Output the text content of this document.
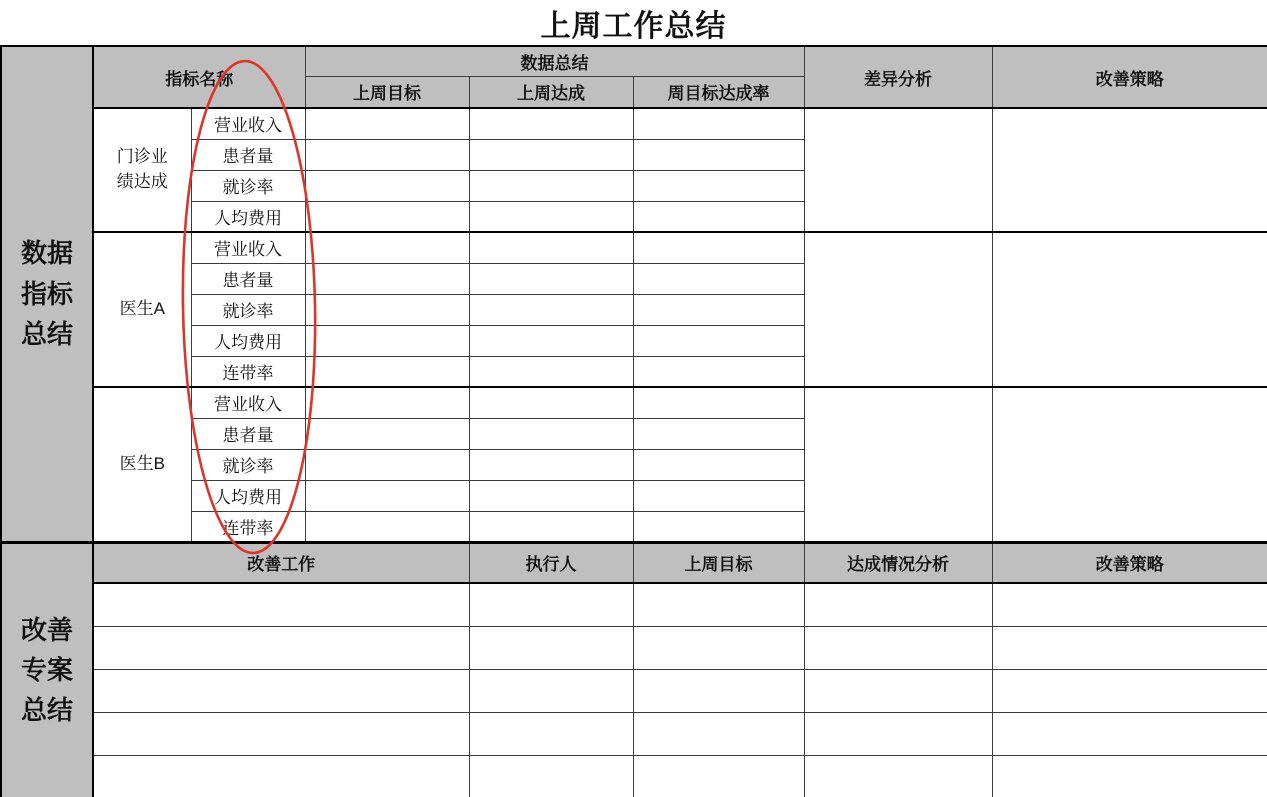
上周工作总结
数据指标总结	指标名称		数据总结			差异分析	改善策略
			上周目标	上周达成	周目标达成率		
	门诊业绩达成	营业收入					
		患者量					
		就诊率					
		人均费用					
	医生A	营业收入					
		患者量					
		就诊率					
		人均费用					
		连带率					
	医生B	营业收入					
		患者量					
		就诊率					
		人均费用					
		连带率					
改善专案总结	改善工作			执行人	上周目标	达成情况分析	改善策略
